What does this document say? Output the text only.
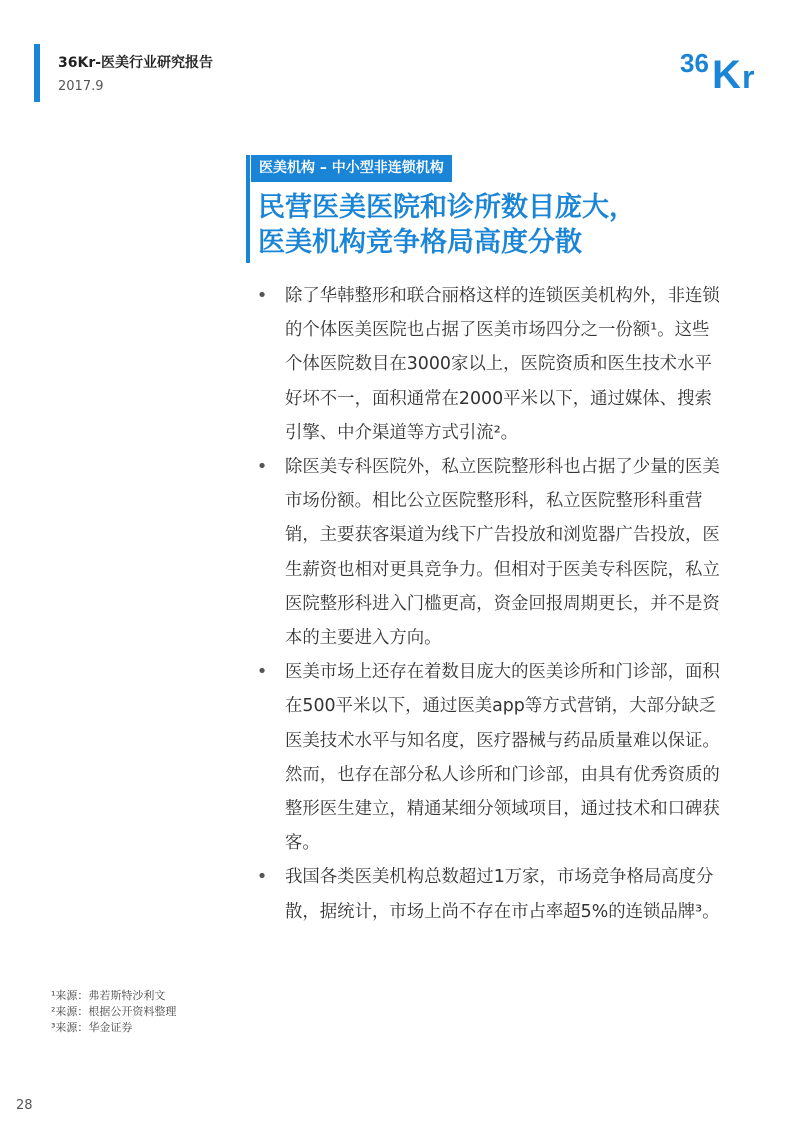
36Kr-医美行业研究报告
2017.9
36 K r
医美机构 – 中小型非连锁机构
民营医美医院和诊所数目庞大，
医美机构竞争格局高度分散
• 除了华韩整形和联合丽格这样的连锁医美机构外，非连锁的个体医美医院也占据了医美市场四分之一份额¹。这些个体医院数目在3000家以上，医院资质和医生技术水平好坏不一，面积通常在2000平米以下，通过媒体、搜索引擎、中介渠道等方式引流²。
• 除医美专科医院外，私立医院整形科也占据了少量的医美市场份额。相比公立医院整形科，私立医院整形科重营销，主要获客渠道为线下广告投放和浏览器广告投放，医生薪资也相对更具竞争力。但相对于医美专科医院，私立医院整形科进入门槛更高，资金回报周期更长，并不是资本的主要进入方向。
• 医美市场上还存在着数目庞大的医美诊所和门诊部，面积在500平米以下，通过医美app等方式营销，大部分缺乏医美技术水平与知名度，医疗器械与药品质量难以保证。然而，也存在部分私人诊所和门诊部，由具有优秀资质的整形医生建立，精通某细分领域项目，通过技术和口碑获客。
• 我国各类医美机构总数超过1万家，市场竞争格局高度分散，据统计，市场上尚不存在市占率超5%的连锁品牌³。
¹来源：弗若斯特沙利文
²来源：根据公开资料整理
³来源：华金证券
28
